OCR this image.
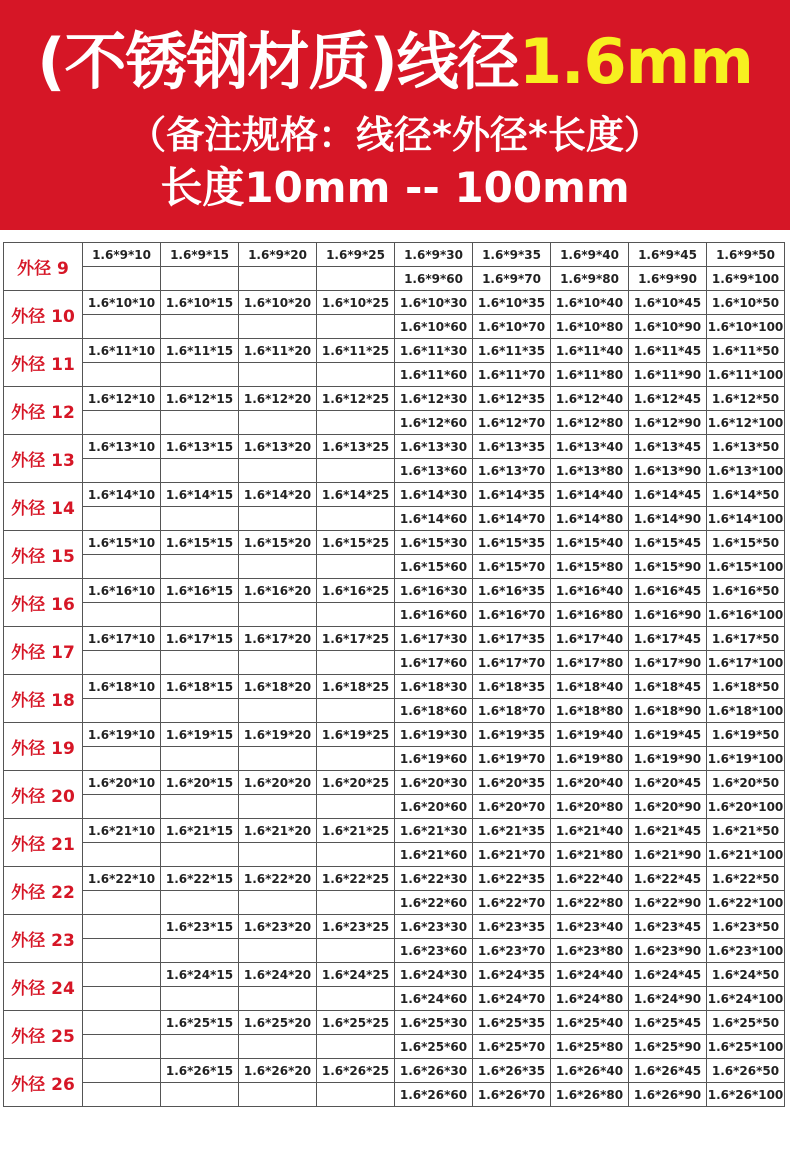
(不锈钢材质)线径1.6mm
（备注规格：线径*外径*长度）
长度10mm -- 100mm
外径 9	1.6*9*10	1.6*9*15	1.6*9*20	1.6*9*25	1.6*9*30	1.6*9*35	1.6*9*40	1.6*9*45	1.6*9*50
					1.6*9*60	1.6*9*70	1.6*9*80	1.6*9*90	1.6*9*100
外径 10	1.6*10*10	1.6*10*15	1.6*10*20	1.6*10*25	1.6*10*30	1.6*10*35	1.6*10*40	1.6*10*45	1.6*10*50
					1.6*10*60	1.6*10*70	1.6*10*80	1.6*10*90	1.6*10*100
外径 11	1.6*11*10	1.6*11*15	1.6*11*20	1.6*11*25	1.6*11*30	1.6*11*35	1.6*11*40	1.6*11*45	1.6*11*50
					1.6*11*60	1.6*11*70	1.6*11*80	1.6*11*90	1.6*11*100
外径 12	1.6*12*10	1.6*12*15	1.6*12*20	1.6*12*25	1.6*12*30	1.6*12*35	1.6*12*40	1.6*12*45	1.6*12*50
					1.6*12*60	1.6*12*70	1.6*12*80	1.6*12*90	1.6*12*100
外径 13	1.6*13*10	1.6*13*15	1.6*13*20	1.6*13*25	1.6*13*30	1.6*13*35	1.6*13*40	1.6*13*45	1.6*13*50
					1.6*13*60	1.6*13*70	1.6*13*80	1.6*13*90	1.6*13*100
外径 14	1.6*14*10	1.6*14*15	1.6*14*20	1.6*14*25	1.6*14*30	1.6*14*35	1.6*14*40	1.6*14*45	1.6*14*50
					1.6*14*60	1.6*14*70	1.6*14*80	1.6*14*90	1.6*14*100
外径 15	1.6*15*10	1.6*15*15	1.6*15*20	1.6*15*25	1.6*15*30	1.6*15*35	1.6*15*40	1.6*15*45	1.6*15*50
					1.6*15*60	1.6*15*70	1.6*15*80	1.6*15*90	1.6*15*100
外径 16	1.6*16*10	1.6*16*15	1.6*16*20	1.6*16*25	1.6*16*30	1.6*16*35	1.6*16*40	1.6*16*45	1.6*16*50
					1.6*16*60	1.6*16*70	1.6*16*80	1.6*16*90	1.6*16*100
外径 17	1.6*17*10	1.6*17*15	1.6*17*20	1.6*17*25	1.6*17*30	1.6*17*35	1.6*17*40	1.6*17*45	1.6*17*50
					1.6*17*60	1.6*17*70	1.6*17*80	1.6*17*90	1.6*17*100
外径 18	1.6*18*10	1.6*18*15	1.6*18*20	1.6*18*25	1.6*18*30	1.6*18*35	1.6*18*40	1.6*18*45	1.6*18*50
					1.6*18*60	1.6*18*70	1.6*18*80	1.6*18*90	1.6*18*100
外径 19	1.6*19*10	1.6*19*15	1.6*19*20	1.6*19*25	1.6*19*30	1.6*19*35	1.6*19*40	1.6*19*45	1.6*19*50
					1.6*19*60	1.6*19*70	1.6*19*80	1.6*19*90	1.6*19*100
外径 20	1.6*20*10	1.6*20*15	1.6*20*20	1.6*20*25	1.6*20*30	1.6*20*35	1.6*20*40	1.6*20*45	1.6*20*50
					1.6*20*60	1.6*20*70	1.6*20*80	1.6*20*90	1.6*20*100
外径 21	1.6*21*10	1.6*21*15	1.6*21*20	1.6*21*25	1.6*21*30	1.6*21*35	1.6*21*40	1.6*21*45	1.6*21*50
					1.6*21*60	1.6*21*70	1.6*21*80	1.6*21*90	1.6*21*100
外径 22	1.6*22*10	1.6*22*15	1.6*22*20	1.6*22*25	1.6*22*30	1.6*22*35	1.6*22*40	1.6*22*45	1.6*22*50
					1.6*22*60	1.6*22*70	1.6*22*80	1.6*22*90	1.6*22*100
外径 23		1.6*23*15	1.6*23*20	1.6*23*25	1.6*23*30	1.6*23*35	1.6*23*40	1.6*23*45	1.6*23*50
					1.6*23*60	1.6*23*70	1.6*23*80	1.6*23*90	1.6*23*100
外径 24		1.6*24*15	1.6*24*20	1.6*24*25	1.6*24*30	1.6*24*35	1.6*24*40	1.6*24*45	1.6*24*50
					1.6*24*60	1.6*24*70	1.6*24*80	1.6*24*90	1.6*24*100
外径 25		1.6*25*15	1.6*25*20	1.6*25*25	1.6*25*30	1.6*25*35	1.6*25*40	1.6*25*45	1.6*25*50
					1.6*25*60	1.6*25*70	1.6*25*80	1.6*25*90	1.6*25*100
外径 26		1.6*26*15	1.6*26*20	1.6*26*25	1.6*26*30	1.6*26*35	1.6*26*40	1.6*26*45	1.6*26*50
					1.6*26*60	1.6*26*70	1.6*26*80	1.6*26*90	1.6*26*100
